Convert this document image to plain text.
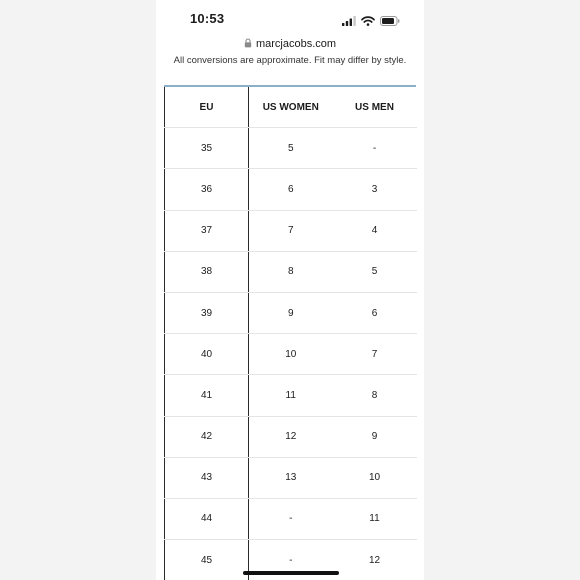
10:53
marcjacobs.com
All conversions are approximate. Fit may differ by style.
EU	US WOMEN	US MEN
35	5	-
36	6	3
37	7	4
38	8	5
39	9	6
40	10	7
41	11	8
42	12	9
43	13	10
44	-	11
45	-	12
